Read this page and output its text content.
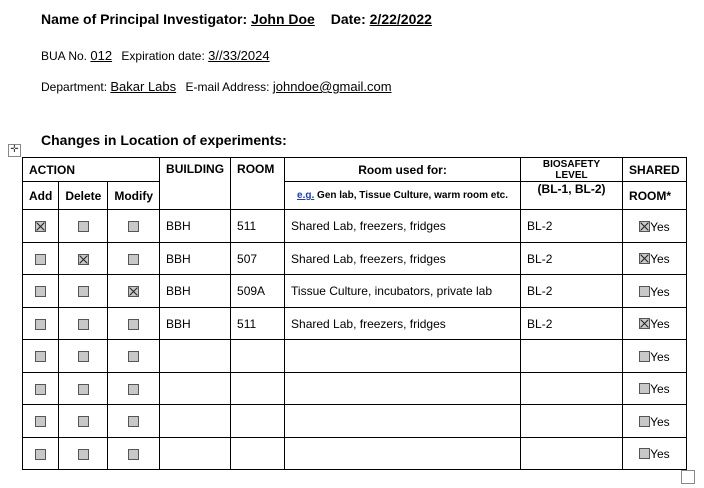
Name of Principal Investigator: John Doe Date: 2/22/2022
BUA No. 012 Expiration date: 3//33/2024
Department: Bakar Labs E-mail Address: johndoe@gmail.com
Changes in Location of experiments:
✛
ACTION			BUILDING	ROOM	Room used for:	BIOSAFETY LEVEL	SHARED
Add	Delete	Modify			e.g. Gen lab, Tissue Culture, warm room etc.	(BL-1, BL-2)	ROOM*
			BBH	511	Shared Lab, freezers, fridges	BL-2	Yes
			BBH	507	Shared Lab, freezers, fridges	BL-2	Yes
			BBH	509A	Tissue Culture, incubators, private lab	BL-2	Yes
			BBH	511	Shared Lab, freezers, fridges	BL-2	Yes
							Yes
							Yes
							Yes
							Yes
